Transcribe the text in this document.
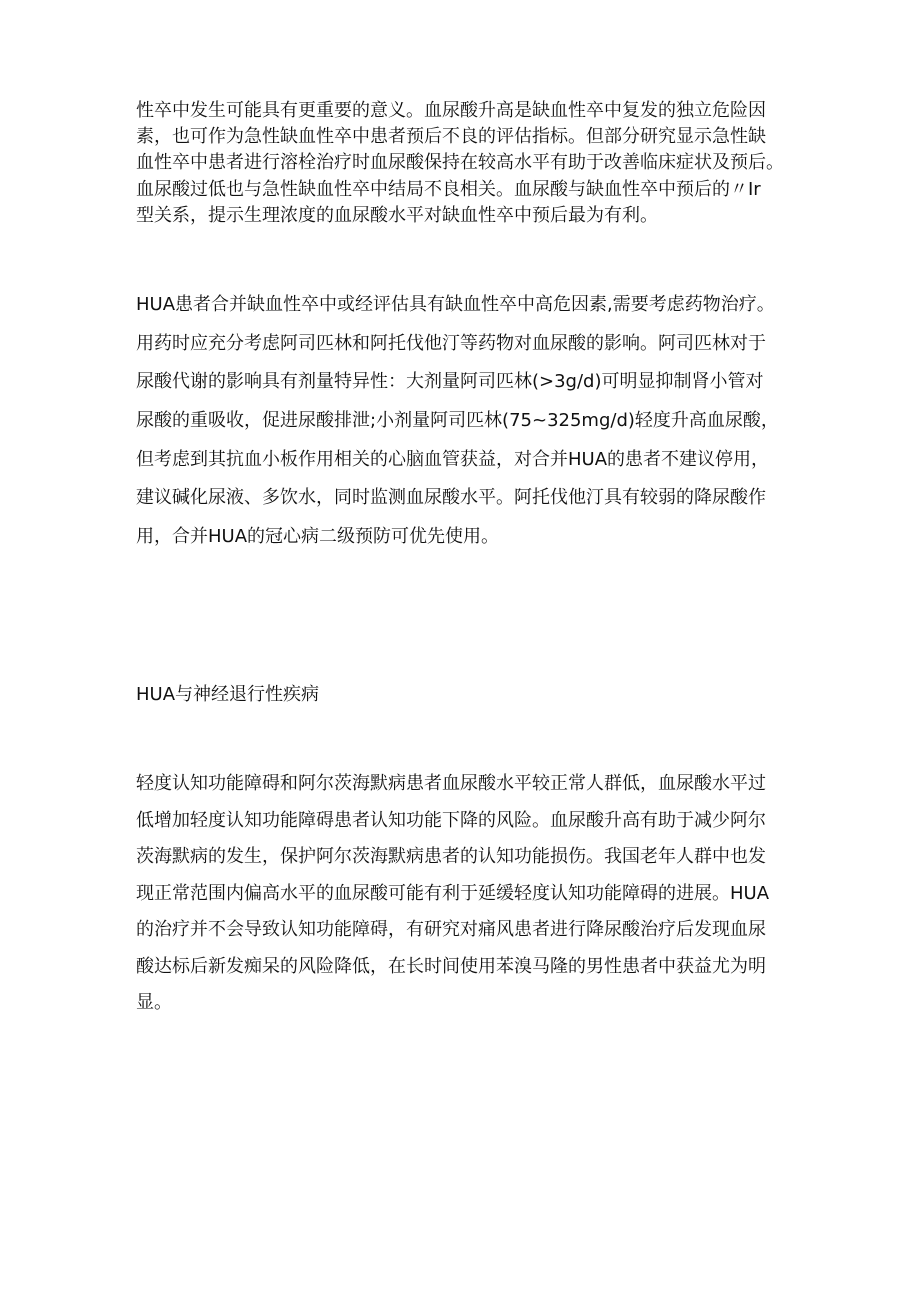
性卒中发生可能具有更重要的意义。血尿酸升高是缺血性卒中复发的独立危险因
素，也可作为急性缺血性卒中患者预后不良的评估指标。但部分研究显示急性缺
血性卒中患者进行溶栓治疗时血尿酸保持在较高水平有助于改善临床症状及预后。
血尿酸过低也与急性缺血性卒中结局不良相关。血尿酸与缺血性卒中预后的〃Ir
型关系，提示生理浓度的血尿酸水平对缺血性卒中预后最为有利。
HUA患者合并缺血性卒中或经评估具有缺血性卒中高危因素,需要考虑药物治疗。
用药时应充分考虑阿司匹林和阿托伐他汀等药物对血尿酸的影响。阿司匹林对于
尿酸代谢的影响具有剂量特异性：大剂量阿司匹林(>3g/d)可明显抑制肾小管对
尿酸的重吸收，促进尿酸排泄;小剂量阿司匹林(75~325mg/d)轻度升高血尿酸，
但考虑到其抗血小板作用相关的心脑血管获益，对合并HUA的患者不建议停用，
建议碱化尿液、多饮水，同时监测血尿酸水平。阿托伐他汀具有较弱的降尿酸作
用，合并HUA的冠心病二级预防可优先使用。
HUA与神经退行性疾病
轻度认知功能障碍和阿尔茨海默病患者血尿酸水平较正常人群低，血尿酸水平过
低增加轻度认知功能障碍患者认知功能下降的风险。血尿酸升高有助于减少阿尔
茨海默病的发生，保护阿尔茨海默病患者的认知功能损伤。我国老年人群中也发
现正常范围内偏高水平的血尿酸可能有利于延缓轻度认知功能障碍的进展。HUA
的治疗并不会导致认知功能障碍，有研究对痛风患者进行降尿酸治疗后发现血尿
酸达标后新发痴呆的风险降低，在长时间使用苯溴马隆的男性患者中获益尤为明
显。
